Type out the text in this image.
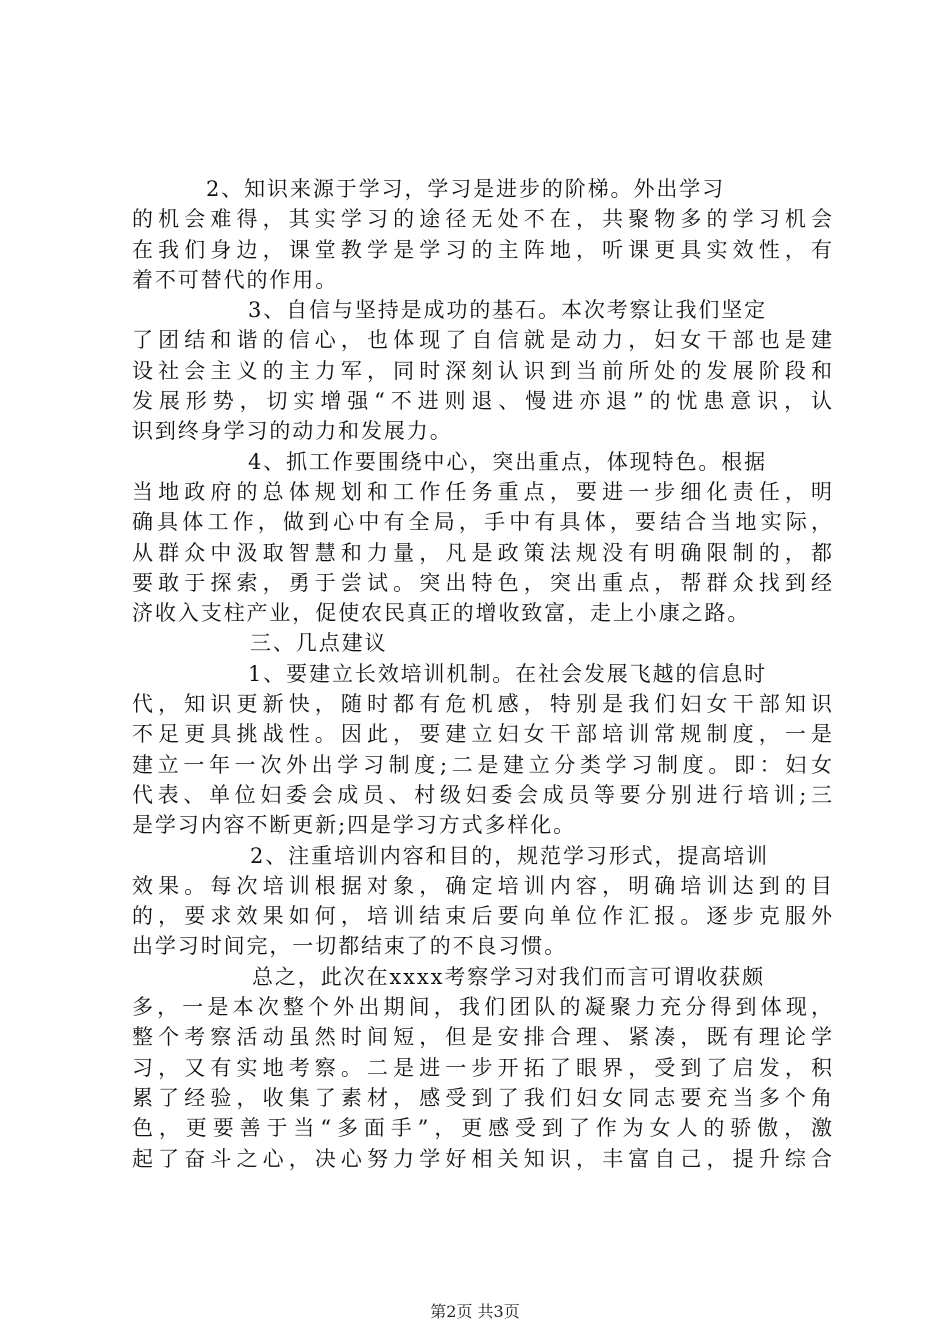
2、知识来源于学习，学习是进步的阶梯。外出学习
的机会难得，其实学习的途径无处不在，共聚物多的学习机会
在我们身边，课堂教学是学习的主阵地，听课更具实效性，有
着不可替代的作用。
3、自信与坚持是成功的基石。本次考察让我们坚定
了团结和谐的信心，也体现了自信就是动力，妇女干部也是建
设社会主义的主力军，同时深刻认识到当前所处的发展阶段和
发展形势，切实增强“不进则退、慢进亦退”的忧患意识，认
识到终身学习的动力和发展力。
4、抓工作要围绕中心，突出重点，体现特色。根据
当地政府的总体规划和工作任务重点，要进一步细化责任，明
确具体工作，做到心中有全局，手中有具体，要结合当地实际，
从群众中汲取智慧和力量，凡是政策法规没有明确限制的，都
要敢于探索，勇于尝试。突出特色，突出重点，帮群众找到经
济收入支柱产业，促使农民真正的增收致富，走上小康之路。
三、几点建议
1、要建立长效培训机制。在社会发展飞越的信息时
代，知识更新快，随时都有危机感，特别是我们妇女干部知识
不足更具挑战性。因此，要建立妇女干部培训常规制度，一是
建立一年一次外出学习制度;二是建立分类学习制度。即：妇女
代表、单位妇委会成员、村级妇委会成员等要分别进行培训;三
是学习内容不断更新;四是学习方式多样化。
2、注重培训内容和目的，规范学习形式，提高培训
效果。每次培训根据对象，确定培训内容，明确培训达到的目
的，要求效果如何，培训结束后要向单位作汇报。逐步克服外
出学习时间完，一切都结束了的不良习惯。
总之，此次在xxxx考察学习对我们而言可谓收获颇
多，一是本次整个外出期间，我们团队的凝聚力充分得到体现，
整个考察活动虽然时间短，但是安排合理、紧凑，既有理论学
习，又有实地考察。二是进一步开拓了眼界，受到了启发，积
累了经验，收集了素材，感受到了我们妇女同志要充当多个角
色，更要善于当“多面手”，更感受到了作为女人的骄傲，激
起了奋斗之心，决心努力学好相关知识，丰富自己，提升综合
第2页 共3页
